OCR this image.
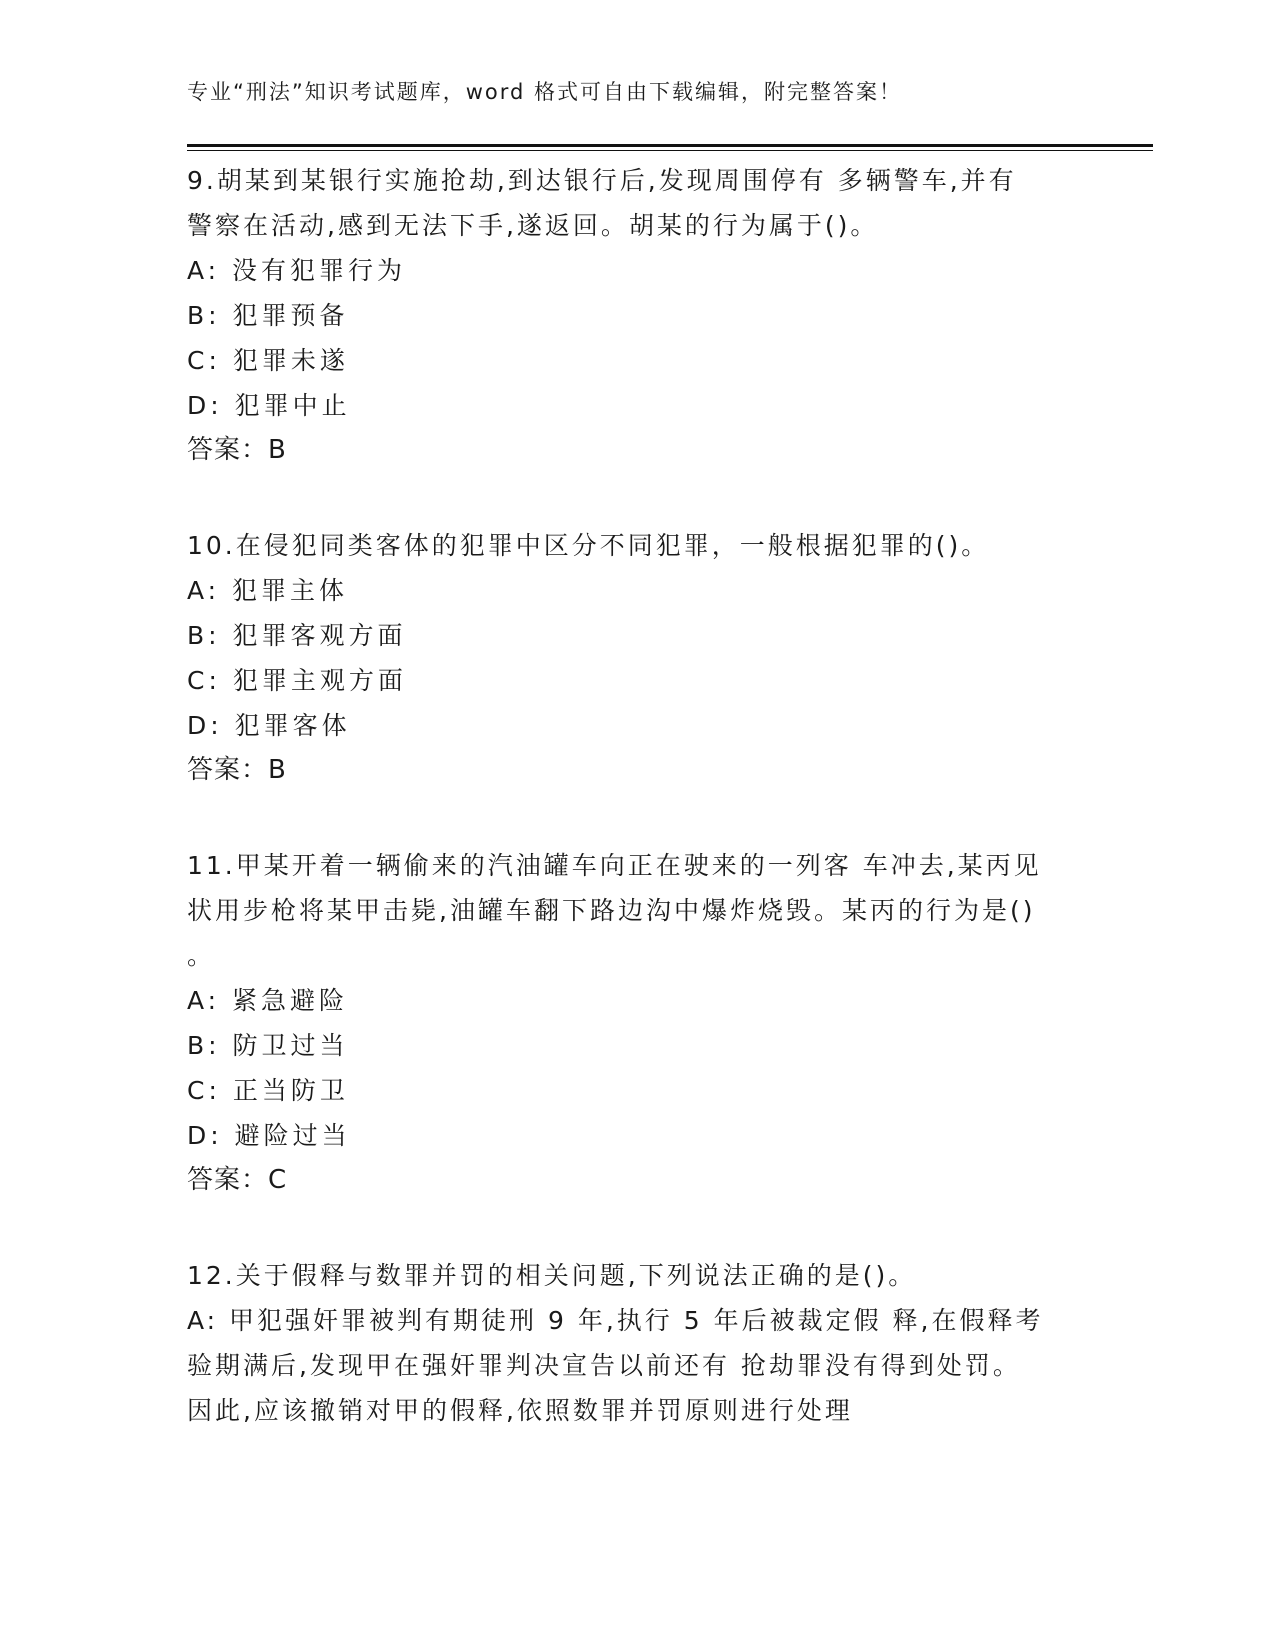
专业“刑法”知识考试题库，word 格式可自由下载编辑，附完整答案！
9.胡某到某银行实施抢劫,到达银行后,发现周围停有 多辆警车,并有
警察在活动,感到无法下手,遂返回。胡某的行为属于()。
A: 没有犯罪行为
B: 犯罪预备
C: 犯罪未遂
D: 犯罪中止
答案：B
10.在侵犯同类客体的犯罪中区分不同犯罪，一般根据犯罪的()。
A: 犯罪主体
B: 犯罪客观方面
C: 犯罪主观方面
D: 犯罪客体
答案：B
11.甲某开着一辆偷来的汽油罐车向正在驶来的一列客 车冲去,某丙见
状用步枪将某甲击毙,油罐车翻下路边沟中爆炸烧毁。某丙的行为是()
。
A: 紧急避险
B: 防卫过当
C: 正当防卫
D: 避险过当
答案：C
12.关于假释与数罪并罚的相关问题,下列说法正确的是()。
A: 甲犯强奸罪被判有期徒刑 9 年,执行 5 年后被裁定假 释,在假释考
验期满后,发现甲在强奸罪判决宣告以前还有 抢劫罪没有得到处罚。
因此,应该撤销对甲的假释,依照数罪并罚原则进行处理
